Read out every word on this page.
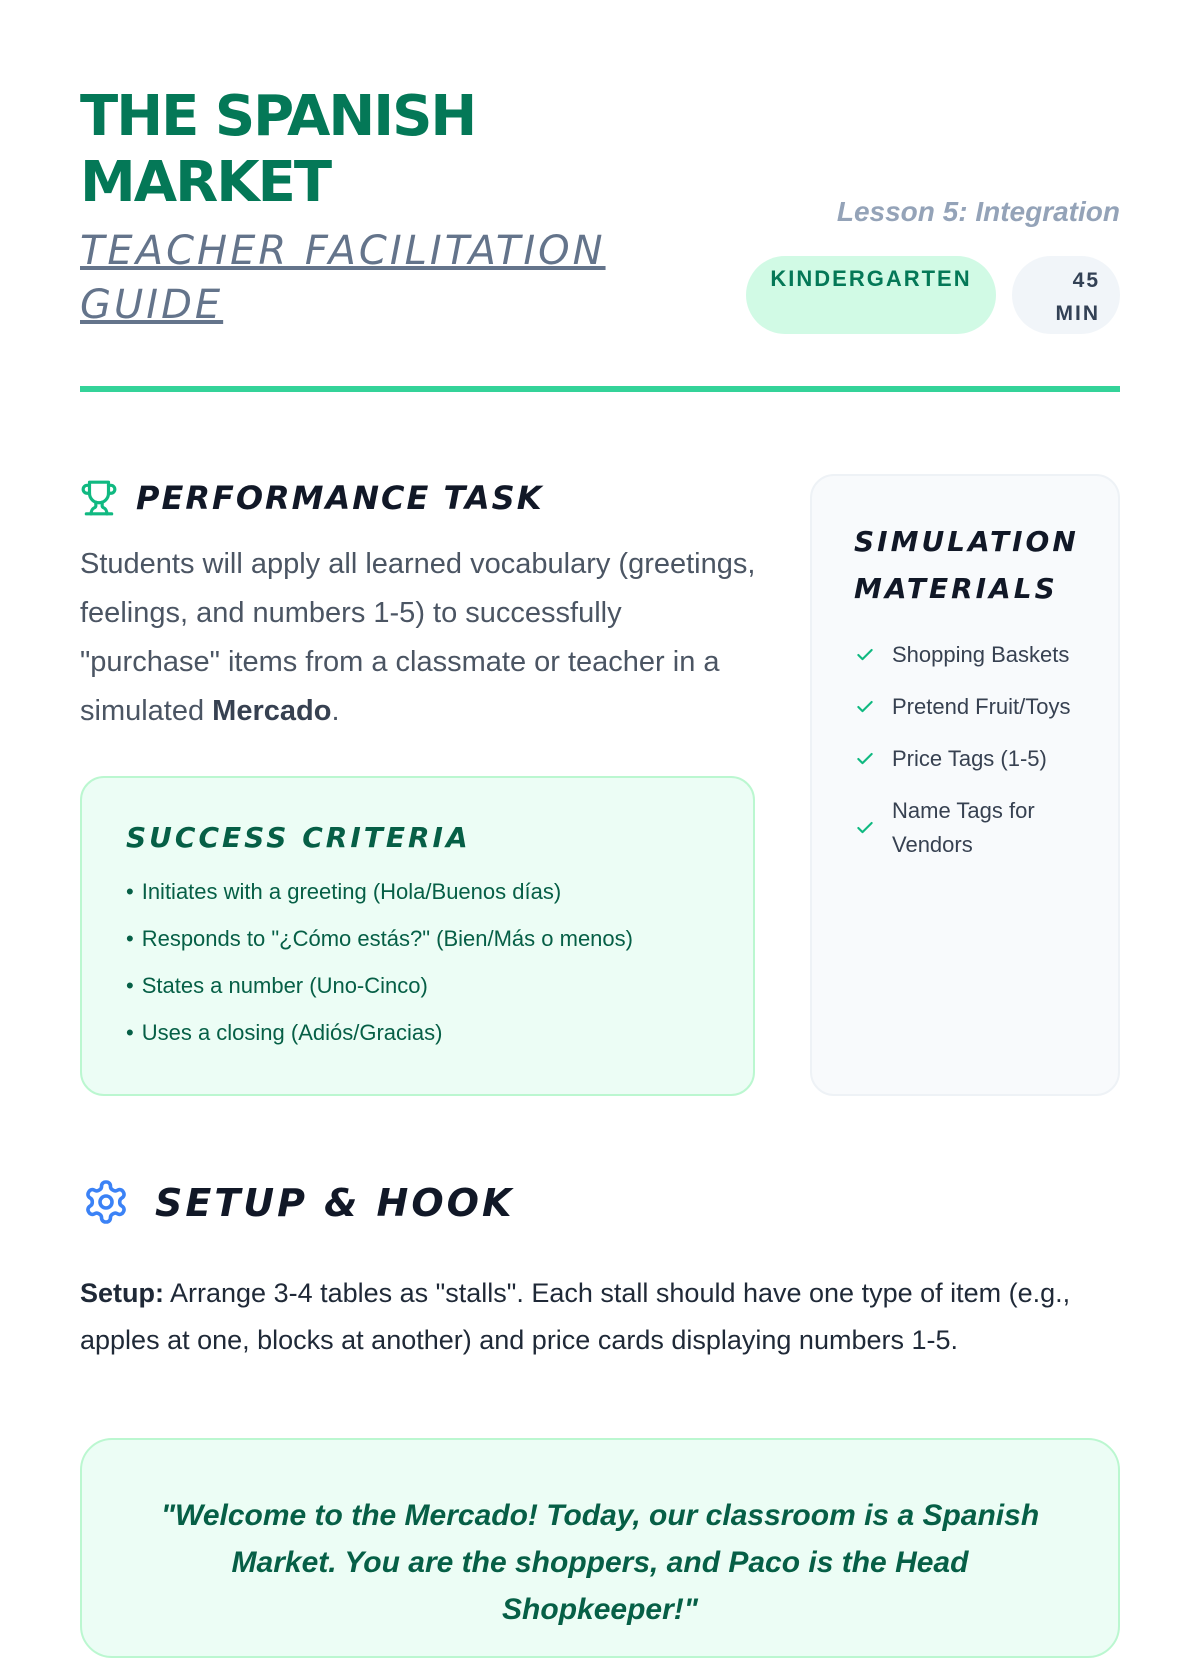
THE SPANISH MARKET
TEACHER FACILITATION GUIDE
Lesson 5: Integration
KINDERGARTEN	45
MIN
PERFORMANCE TASK

Students will apply all learned vocabulary (greetings, feelings, and numbers 1-5) to successfully "purchase" items from a classmate or teacher in a simulated Mercado.

SUCCESS CRITERIA
• Initiates with a greeting (Hola/Buenos días)
• Responds to "¿Cómo estás?" (Bien/Más o menos)
• States a number (Uno-Cinco)
• Uses a closing (Adiós/Gracias)
SIMULATION MATERIALS
Shopping Baskets
Pretend Fruit/Toys
Price Tags (1-5)
Name Tags for Vendors
SETUP & HOOK

Setup: Arrange 3-4 tables as "stalls". Each stall should have one type of item (e.g., apples at one, blocks at another) and price cards displaying numbers 1-5.

"Welcome to the Mercado! Today, our classroom is a Spanish Market. You are the shoppers, and Paco is the Head Shopkeeper!"
